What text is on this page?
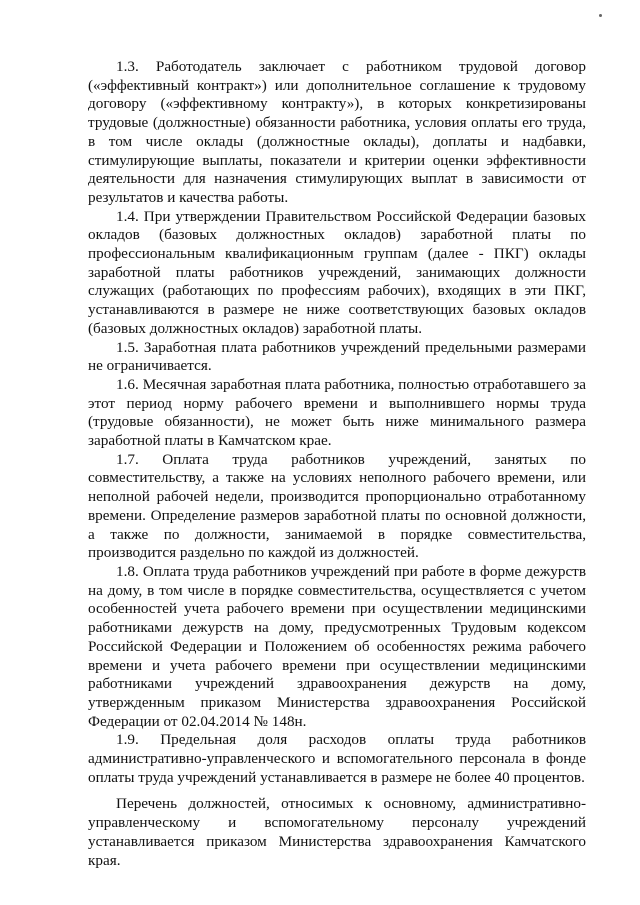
1.3. Работодатель заключает с работником трудовой договор («эффективный контракт») или дополнительное соглашение к трудовому договору («эффективному контракту»), в которых конкретизированы трудовые (должностные) обязанности работника, условия оплаты его труда, в том числе оклады (должностные оклады), доплаты и надбавки, стимулирующие выплаты, показатели и критерии оценки эффективности деятельности для назначения стимулирующих выплат в зависимости от результатов и качества работы.

1.4. При утверждении Правительством Российской Федерации базовых окладов (базовых должностных окладов) заработной платы по профессиональным квалификационным группам (далее - ПКГ) оклады заработной платы работников учреждений, занимающих должности служащих (работающих по профессиям рабочих), входящих в эти ПКГ, устанавливаются в размере не ниже соответствующих базовых окладов (базовых должностных окладов) заработной платы.

1.5. Заработная плата работников учреждений предельными размерами не ограничивается.

1.6. Месячная заработная плата работника, полностью отработавшего за этот период норму рабочего времени и выполнившего нормы труда (трудовые обязанности), не может быть ниже минимального размера заработной платы в Камчатском крае.

1.7. Оплата труда работников учреждений, занятых по совместительству, а также на условиях неполного рабочего времени, или неполной рабочей недели, производится пропорционально отработанному времени. Определение размеров заработной платы по основной должности, а также по должности, занимаемой в порядке совместительства, производится раздельно по каждой из должностей.

1.8. Оплата труда работников учреждений при работе в форме дежурств на дому, в том числе в порядке совместительства, осуществляется с учетом особенностей учета рабочего времени при осуществлении медицинскими работниками дежурств на дому, предусмотренных Трудовым кодексом Российской Федерации и Положением об особенностях режима рабочего времени и учета рабочего времени при осуществлении медицинскими работниками учреждений здравоохранения дежурств на дому, утвержденным приказом Министерства здравоохранения Российской Федерации от 02.04.2014 № 148н.

1.9. Предельная доля расходов оплаты труда работников административно-управленческого и вспомогательного персонала в фонде оплаты труда учреждений устанавливается в размере не более 40 процентов.

Перечень должностей, относимых к основному, административно-управленческому и вспомогательному персоналу учреждений устанавливается приказом Министерства здравоохранения Камчатского края.
